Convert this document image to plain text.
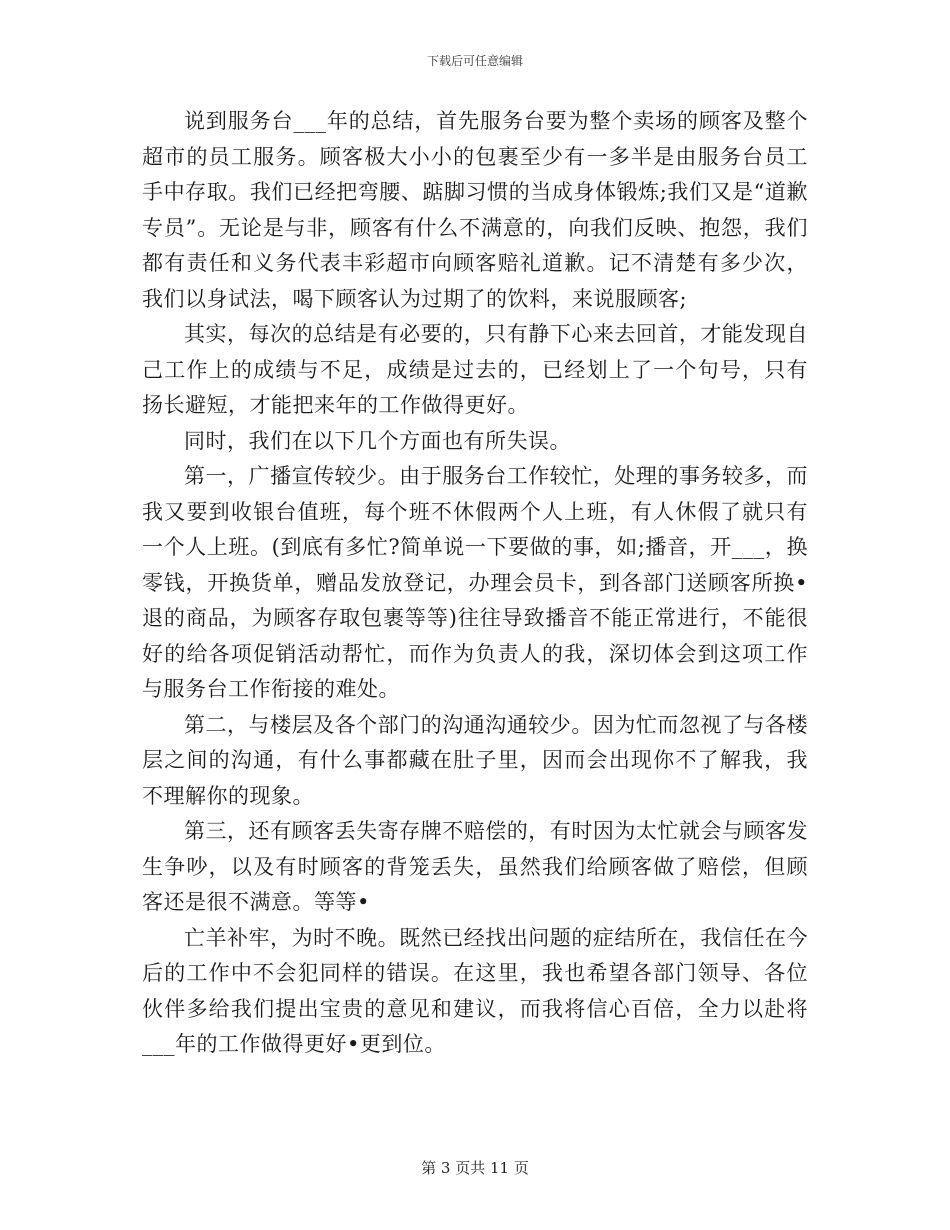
下载后可任意编辑

说到服务台___年的总结，首先服务台要为整个卖场的顾客及整个超市的员工服务。顾客极大小小的包裹至少有一多半是由服务台员工手中存取。我们已经把弯腰、踮脚习惯的当成身体锻炼;我们又是“道歉专员”。无论是与非，顾客有什么不满意的，向我们反映、抱怨，我们都有责任和义务代表丰彩超市向顾客赔礼道歉。记不清楚有多少次，我们以身试法，喝下顾客认为过期了的饮料，来说服顾客;

其实，每次的总结是有必要的，只有静下心来去回首，才能发现自己工作上的成绩与不足，成绩是过去的，已经划上了一个句号，只有扬长避短，才能把来年的工作做得更好。

同时，我们在以下几个方面也有所失误。

第一，广播宣传较少。由于服务台工作较忙，处理的事务较多，而我又要到收银台值班，每个班不休假两个人上班，有人休假了就只有一个人上班。(到底有多忙?简单说一下要做的事，如;播音，开___，换零钱，开换货单，赠品发放登记，办理会员卡，到各部门送顾客所换•退的商品，为顾客存取包裹等等)往往导致播音不能正常进行，不能很好的给各项促销活动帮忙，而作为负责人的我，深切体会到这项工作与服务台工作衔接的难处。

第二，与楼层及各个部门的沟通沟通较少。因为忙而忽视了与各楼层之间的沟通，有什么事都藏在肚子里，因而会出现你不了解我，我不理解你的现象。

第三，还有顾客丢失寄存牌不赔偿的，有时因为太忙就会与顾客发生争吵，以及有时顾客的背笼丢失，虽然我们给顾客做了赔偿，但顾客还是很不满意。等等•

亡羊补牢，为时不晚。既然已经找出问题的症结所在，我信任在今后的工作中不会犯同样的错误。在这里，我也希望各部门领导、各位伙伴多给我们提出宝贵的意见和建议，而我将信心百倍，全力以赴将___年的工作做得更好•更到位。

第 3 页共 11 页
